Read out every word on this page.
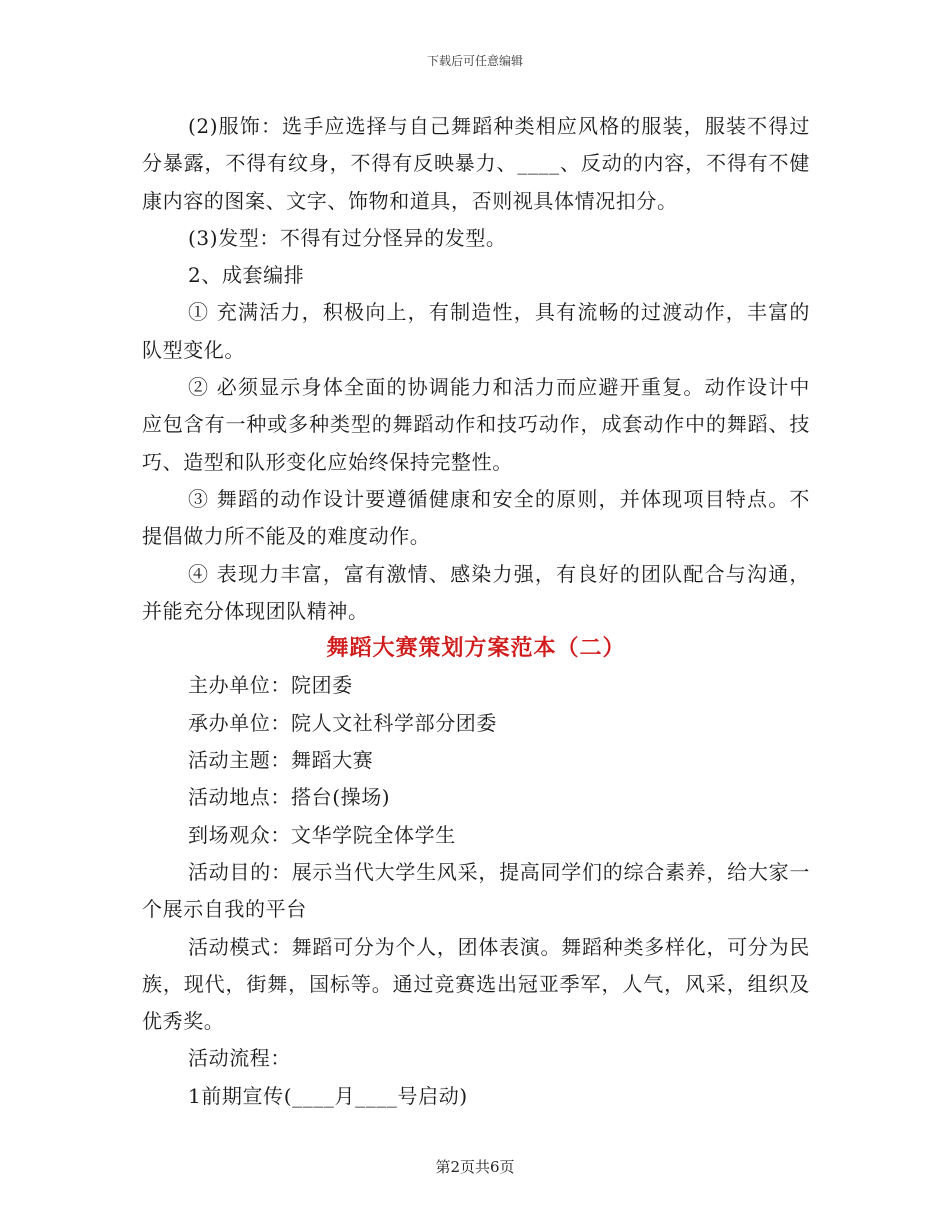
下载后可任意编辑

(2)服饰：选手应选择与自己舞蹈种类相应风格的服装，服装不得过分暴露，不得有纹身，不得有反映暴力、____、反动的内容，不得有不健康内容的图案、文字、饰物和道具，否则视具体情况扣分。

(3)发型：不得有过分怪异的发型。

2、成套编排

① 充满活力，积极向上，有制造性，具有流畅的过渡动作，丰富的队型变化。

② 必须显示身体全面的协调能力和活力而应避开重复。动作设计中应包含有一种或多种类型的舞蹈动作和技巧动作，成套动作中的舞蹈、技巧、造型和队形变化应始终保持完整性。

③ 舞蹈的动作设计要遵循健康和安全的原则，并体现项目特点。不提倡做力所不能及的难度动作。

④ 表现力丰富，富有激情、感染力强，有良好的团队配合与沟通，并能充分体现团队精神。

舞蹈大赛策划方案范本（二）

主办单位：院团委

承办单位：院人文社科学部分团委

活动主题：舞蹈大赛

活动地点：搭台(操场)

到场观众：文华学院全体学生

活动目的：展示当代大学生风采，提高同学们的综合素养，给大家一个展示自我的平台

活动模式：舞蹈可分为个人，团体表演。舞蹈种类多样化，可分为民族，现代，街舞，国标等。通过竞赛选出冠亚季军，人气，风采，组织及优秀奖。

活动流程：

1前期宣传(____月____号启动)

第2页共6页
